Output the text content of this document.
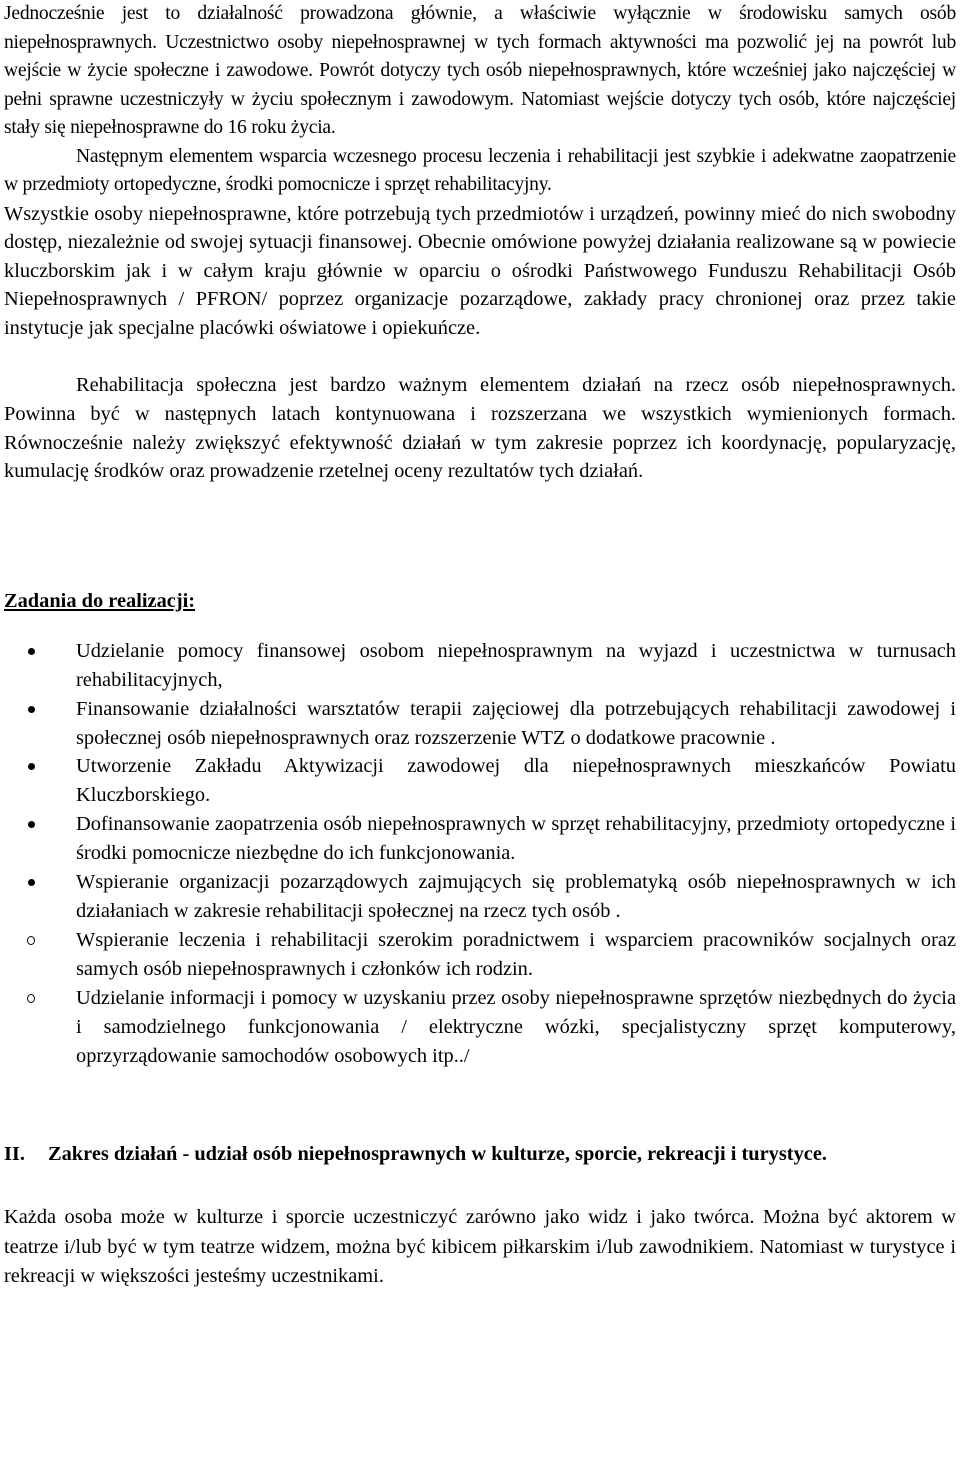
Jednocześnie jest to działalność prowadzona głównie, a właściwie wyłącznie w środowisku samych osób niepełnosprawnych. Uczestnictwo osoby niepełnosprawnej w tych formach aktywności ma pozwolić jej na powrót lub wejście w życie społeczne i zawodowe. Powrót dotyczy tych osób niepełnosprawnych, które wcześniej jako najczęściej w pełni sprawne uczestniczyły w życiu społecznym i zawodowym. Natomiast wejście dotyczy tych osób, które najczęściej stały się niepełnosprawne do 16 roku życia.

Następnym elementem wsparcia wczesnego procesu leczenia i rehabilitacji jest szybkie i adekwatne zaopatrzenie w przedmioty ortopedyczne, środki pomocnicze i sprzęt rehabilitacyjny.

Wszystkie osoby niepełnosprawne, które potrzebują tych przedmiotów i urządzeń, powinny mieć do nich swobodny dostęp, niezależnie od swojej sytuacji finansowej. Obecnie omówione powyżej działania realizowane są w powiecie kluczborskim jak i w całym kraju głównie w oparciu o ośrodki Państwowego Funduszu Rehabilitacji Osób Niepełnosprawnych / PFRON/ poprzez organizacje pozarządowe, zakłady pracy chronionej oraz przez takie instytucje jak specjalne placówki oświatowe i opiekuńcze.

Rehabilitacja społeczna jest bardzo ważnym elementem działań na rzecz osób niepełnosprawnych. Powinna być w następnych latach kontynuowana i rozszerzana we wszystkich wymienionych formach. Równocześnie należy zwiększyć efektywność działań w tym zakresie poprzez ich koordynację, popularyzację, kumulację środków oraz prowadzenie rzetelnej oceny rezultatów tych działań.

Zadania do realizacji:
Udzielanie pomocy finansowej osobom niepełnosprawnym na wyjazd i uczestnictwa w turnusach rehabilitacyjnych,
Finansowanie działalności warsztatów terapii zajęciowej dla potrzebujących rehabilitacji zawodowej i społecznej osób niepełnosprawnych oraz rozszerzenie WTZ o dodatkowe pracownie .
Utworzenie Zakładu Aktywizacji zawodowej dla niepełnosprawnych mieszkańców Powiatu Kluczborskiego.
Dofinansowanie zaopatrzenia osób niepełnosprawnych w sprzęt rehabilitacyjny, przedmioty ortopedyczne i środki pomocnicze niezbędne do ich funkcjonowania.
Wspieranie organizacji pozarządowych zajmujących się problematyką osób niepełnosprawnych w ich działaniach w zakresie rehabilitacji społecznej na rzecz tych osób .
Wspieranie leczenia i rehabilitacji szerokim poradnictwem i wsparciem pracowników socjalnych oraz samych osób niepełnosprawnych i członków ich rodzin.
Udzielanie informacji i pomocy w uzyskaniu przez osoby niepełnosprawne sprzętów niezbędnych do życia i samodzielnego funkcjonowania / elektryczne wózki, specjalistyczny sprzęt komputerowy, oprzyrządowanie samochodów osobowych itp../
II.	Zakres działań - udział osób niepełnosprawnych w kulturze, sporcie, rekreacji i turystyce.

Każda osoba może w kulturze i sporcie uczestniczyć zarówno jako widz i jako twórca. Można być aktorem w teatrze i/lub być w tym teatrze widzem, można być kibicem piłkarskim i/lub zawodnikiem. Natomiast w turystyce i rekreacji w większości jesteśmy uczestnikami.
